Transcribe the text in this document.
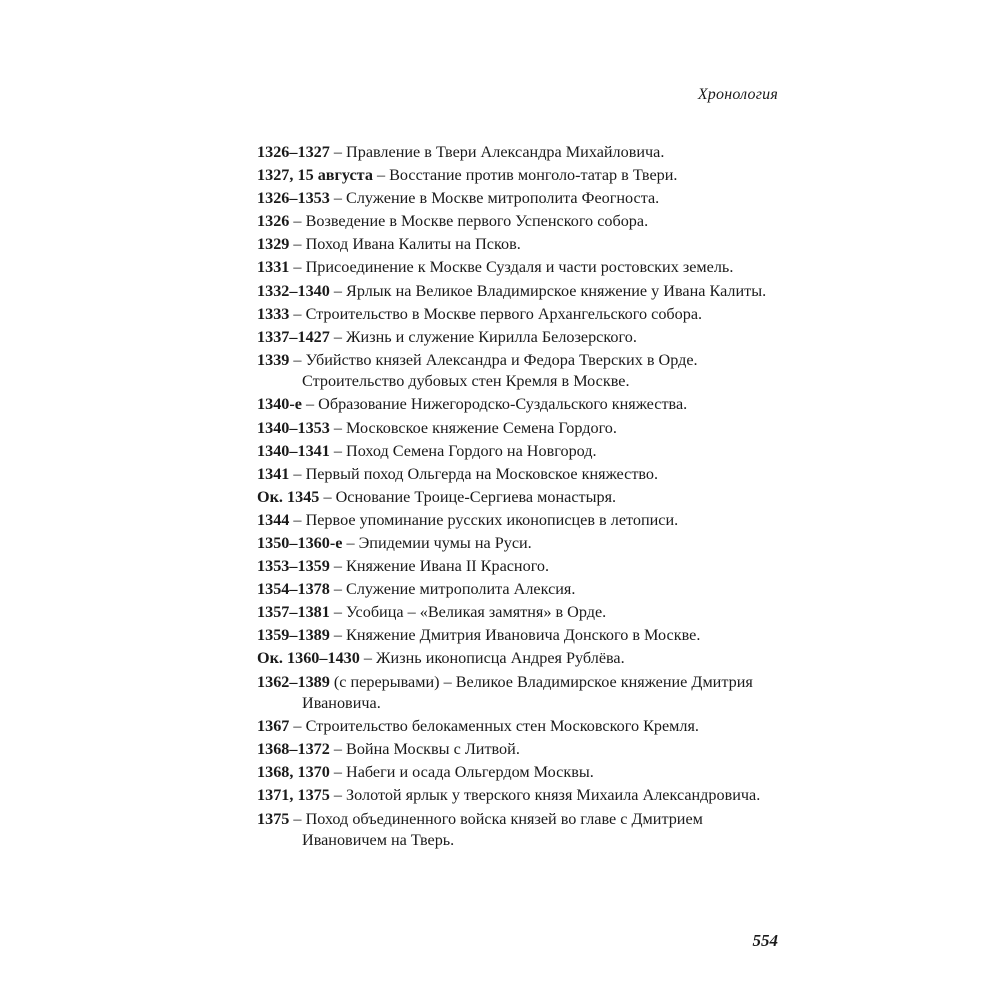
Хронология
1326–1327 – Правление в Твери Александра Михайловича.
1327, 15 августа – Восстание против монголо-татар в Твери.
1326–1353 – Служение в Москве митрополита Феогноста.
1326 – Возведение в Москве первого Успенского собора.
1329 – Поход Ивана Калиты на Псков.
1331 – Присоединение к Москве Суздаля и части ростовских земель.
1332–1340 – Ярлык на Великое Владимирское княжение у Ивана Калиты.
1333 – Строительство в Москве первого Архангельского собора.
1337–1427 – Жизнь и служение Кирилла Белозерского.
1339 – Убийство князей Александра и Федора Тверских в Орде. Строительство дубовых стен Кремля в Москве.
1340-е – Образование Нижегородско-Суздальского княжества.
1340–1353 – Московское княжение Семена Гордого.
1340–1341 – Поход Семена Гордого на Новгород.
1341 – Первый поход Ольгерда на Московское княжество.
Ок. 1345 – Основание Троице-Сергиева монастыря.
1344 – Первое упоминание русских иконописцев в летописи.
1350–1360-е – Эпидемии чумы на Руси.
1353–1359 – Княжение Ивана II Красного.
1354–1378 – Служение митрополита Алексия.
1357–1381 – Усобица – «Великая замятня» в Орде.
1359–1389 – Княжение Дмитрия Ивановича Донского в Москве.
Ок. 1360–1430 – Жизнь иконописца Андрея Рублёва.
1362–1389 (с перерывами) – Великое Владимирское княжение Дмитрия Ивановича.
1367 – Строительство белокаменных стен Московского Кремля.
1368–1372 – Война Москвы с Литвой.
1368, 1370 – Набеги и осада Ольгердом Москвы.
1371, 1375 – Золотой ярлык у тверского князя Михаила Александровича.
1375 – Поход объединенного войска князей во главе с Дмитрием Ивановичем на Тверь.
554
